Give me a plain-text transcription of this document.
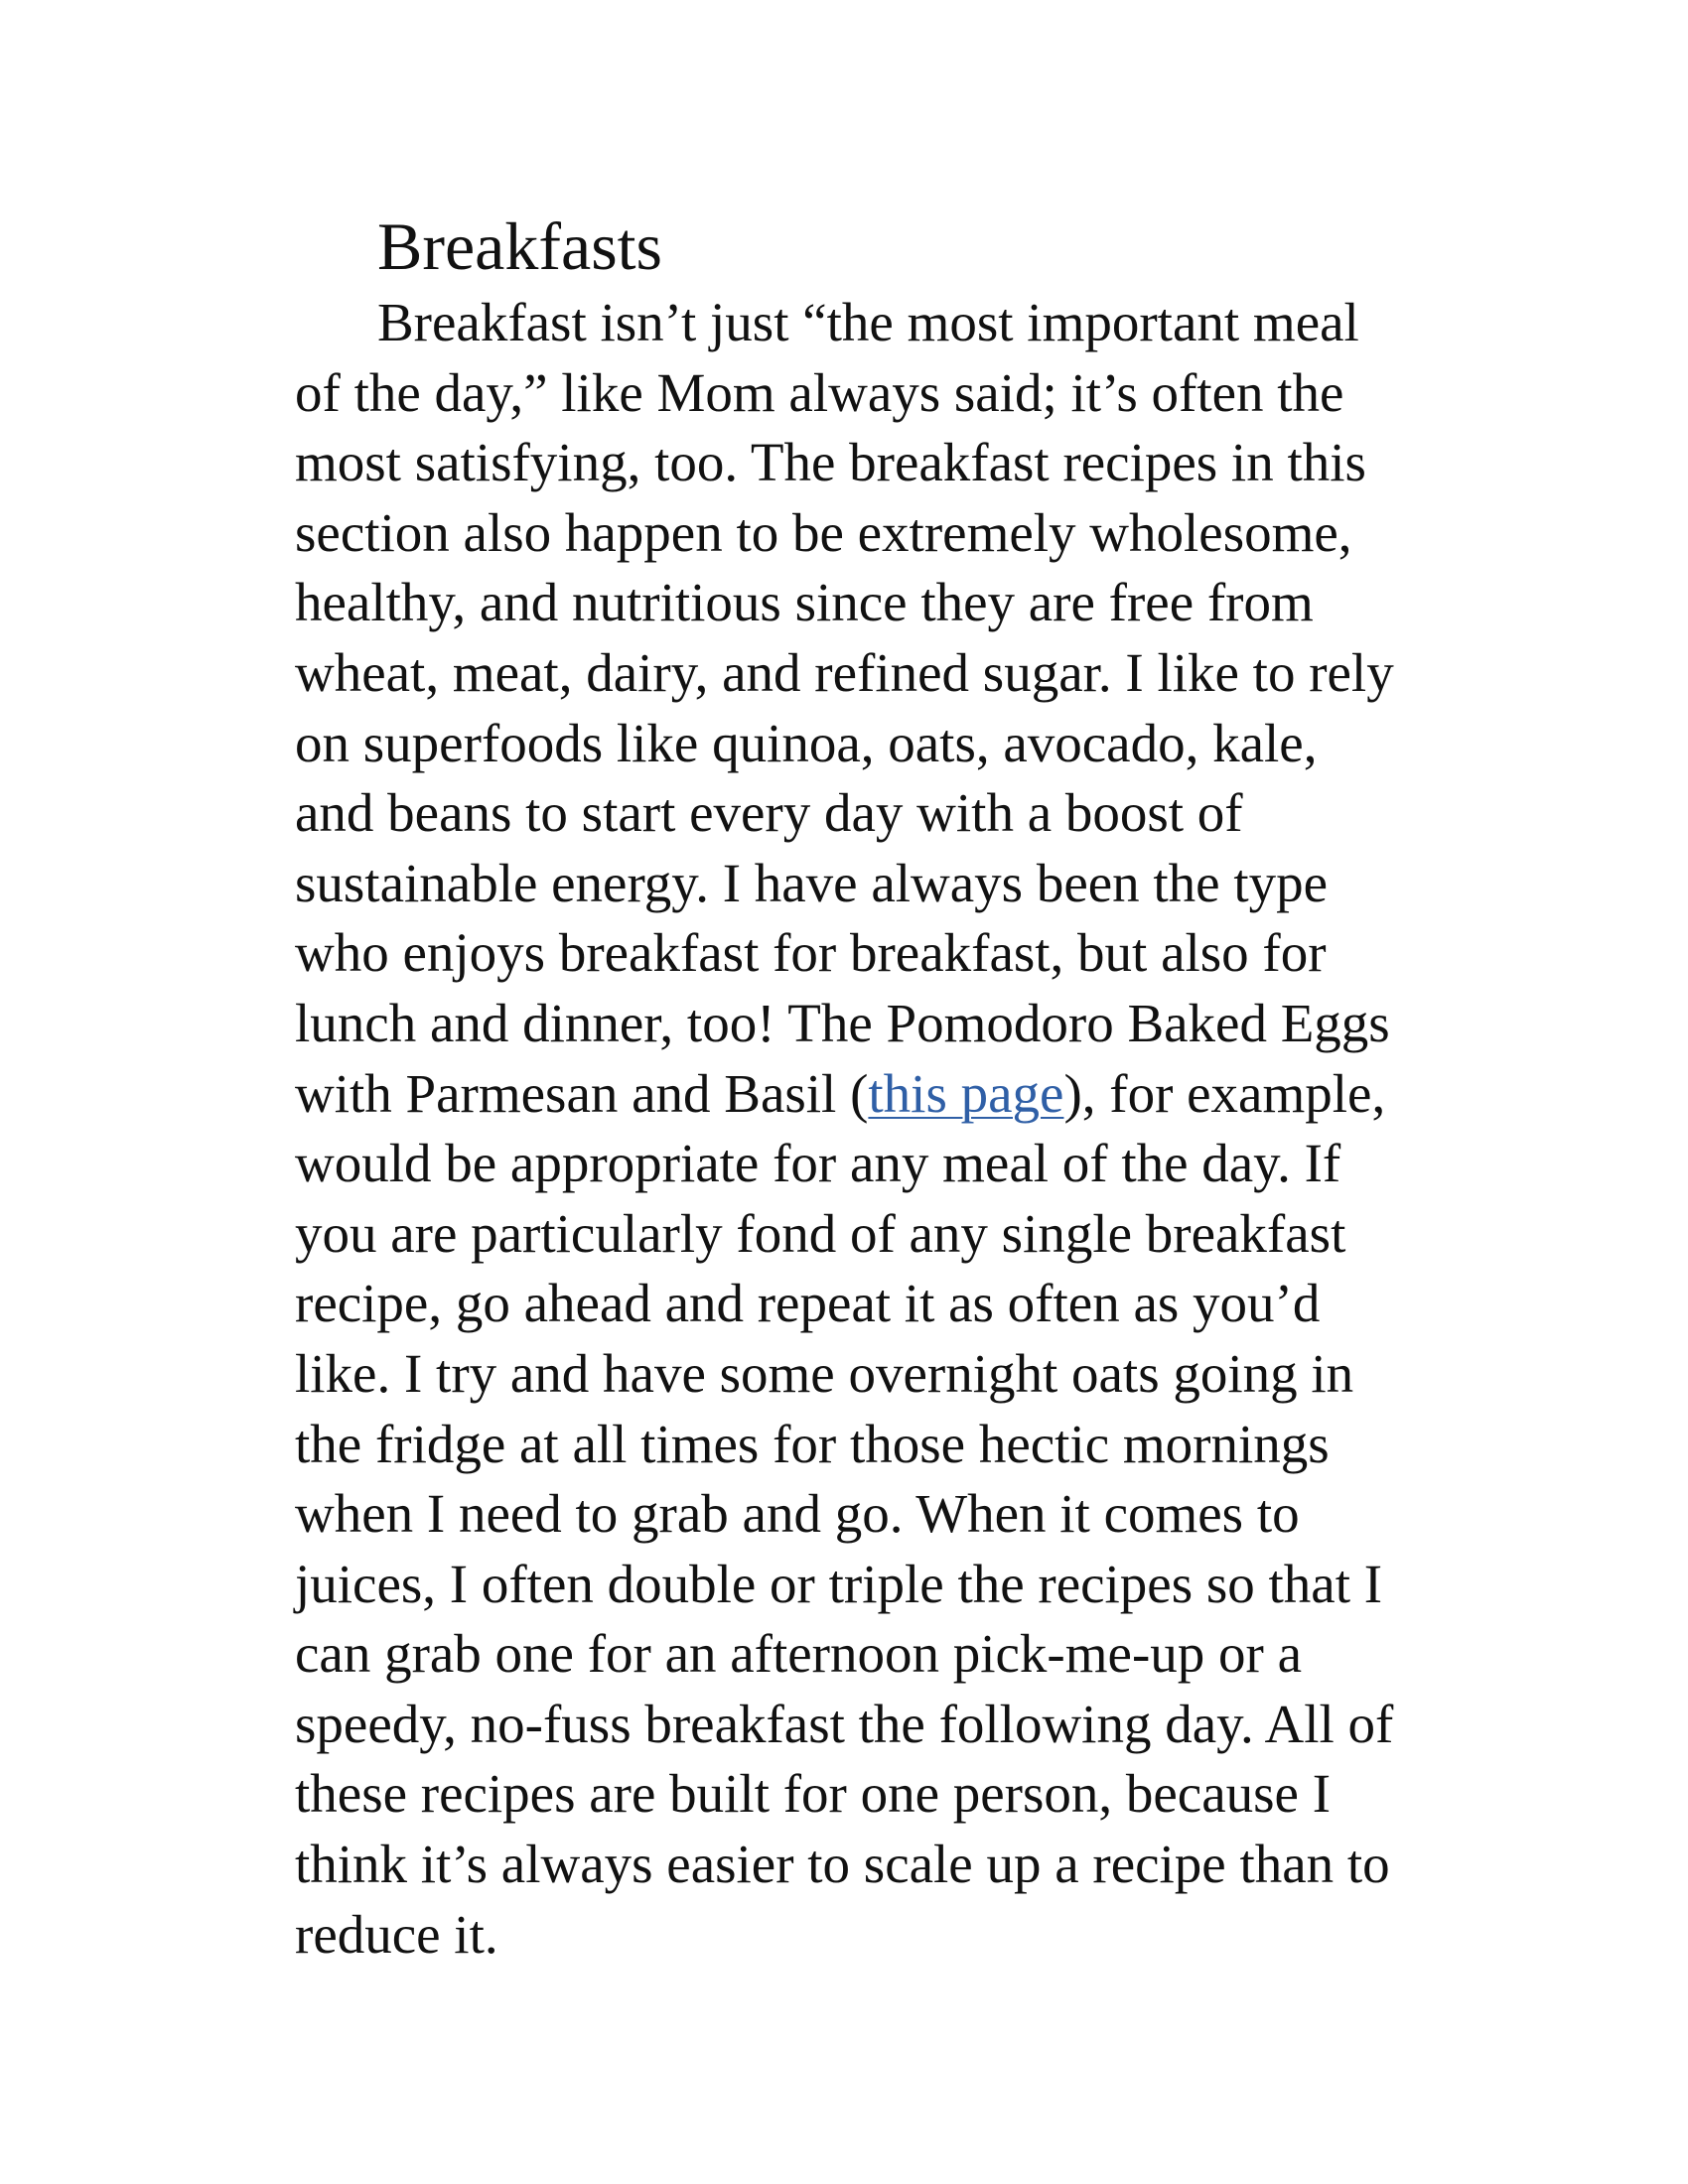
Breakfasts
Breakfast isn’t just “the most important meal
of the day,” like Mom always said; it’s often the
most satisfying, too. The breakfast recipes in this
section also happen to be extremely wholesome,
healthy, and nutritious since they are free from
wheat, meat, dairy, and refined sugar. I like to rely
on superfoods like quinoa, oats, avocado, kale,
and beans to start every day with a boost of
sustainable energy. I have always been the type
who enjoys breakfast for breakfast, but also for
lunch and dinner, too! The Pomodoro Baked Eggs
with Parmesan and Basil (this page), for example,
would be appropriate for any meal of the day. If
you are particularly fond of any single breakfast
recipe, go ahead and repeat it as often as you’d
like. I try and have some overnight oats going in
the fridge at all times for those hectic mornings
when I need to grab and go. When it comes to
juices, I often double or triple the recipes so that I
can grab one for an afternoon pick-me-up or a
speedy, no-fuss breakfast the following day. All of
these recipes are built for one person, because I
think it’s always easier to scale up a recipe than to
reduce it.
